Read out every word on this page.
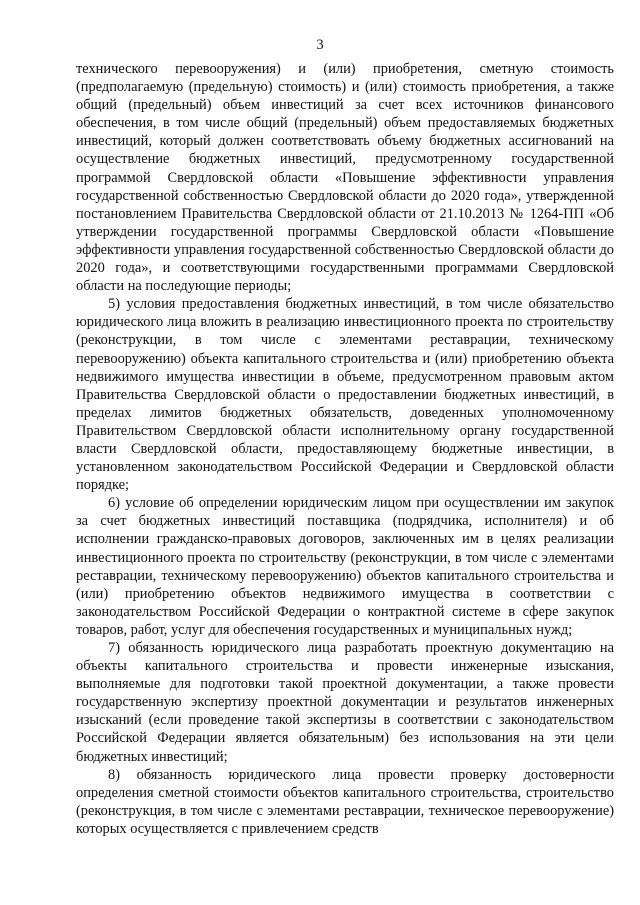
3

технического перевооружения) и (или) приобретения, сметную стоимость (предполагаемую (предельную) стоимость) и (или) стоимость приобретения, а также общий (предельный) объем инвестиций за счет всех источников финансового обеспечения, в том числе общий (предельный) объем предоставляемых бюджетных инвестиций, который должен соответствовать объему бюджетных ассигнований на осуществление бюджетных инвестиций, предусмотренному государственной программой Свердловской области «Повышение эффективности управления государственной собственностью Свердловской области до 2020 года», утвержденной постановлением Правительства Свердловской области от 21.10.2013 № 1264-ПП «Об утверждении государственной программы Свердловской области «Повышение эффективности управления государственной собственностью Свердловской области до 2020 года», и соответствующими государственными программами Свердловской области на последующие периоды;

5) условия предоставления бюджетных инвестиций, в том числе обязательство юридического лица вложить в реализацию инвестиционного проекта по строительству (реконструкции, в том числе с элементами реставрации, техническому перевооружению) объекта капитального строительства и (или) приобретению объекта недвижимого имущества инвестиции в объеме, предусмотренном правовым актом Правительства Свердловской области о предоставлении бюджетных инвестиций, в пределах лимитов бюджетных обязательств, доведенных уполномоченному Правительством Свердловской области исполнительному органу государственной власти Свердловской области, предоставляющему бюджетные инвестиции, в установленном законодательством Российской Федерации и Свердловской области порядке;

6) условие об определении юридическим лицом при осуществлении им закупок за счет бюджетных инвестиций поставщика (подрядчика, исполнителя) и об исполнении гражданско-правовых договоров, заключенных им в целях реализации инвестиционного проекта по строительству (реконструкции, в том числе с элементами реставрации, техническому перевооружению) объектов капитального строительства и (или) приобретению объектов недвижимого имущества в соответствии с законодательством Российской Федерации о контрактной системе в сфере закупок товаров, работ, услуг для обеспечения государственных и муниципальных нужд;

7) обязанность юридического лица разработать проектную документацию на объекты капитального строительства и провести инженерные изыскания, выполняемые для подготовки такой проектной документации, а также провести государственную экспертизу проектной документации и результатов инженерных изысканий (если проведение такой экспертизы в соответствии с законодательством Российской Федерации является обязательным) без использования на эти цели бюджетных инвестиций;

8) обязанность юридического лица провести проверку достоверности определения сметной стоимости объектов капитального строительства, строительство (реконструкция, в том числе с элементами реставрации, техническое перевооружение) которых осуществляется с привлечением средств
